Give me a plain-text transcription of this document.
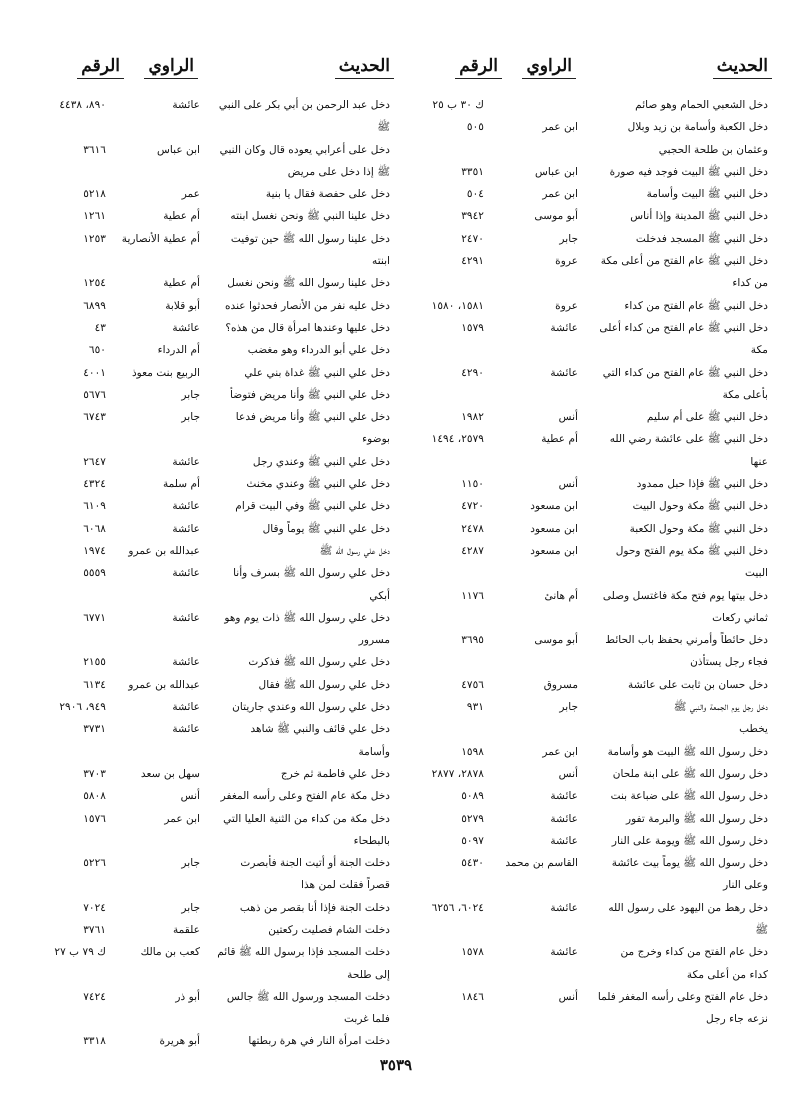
الحديث
الراوي
الرقم
دخل الشعبي الحمام وهو صائم
ك ٣٠ ب ٢٥
دخل الكعبة وأسامة بن زيد وبلال
ابن عمر
٥٠٥
وعثمان بن طلحة الحجبي
دخل النبي ﷺ البيت فوجد فيه صورة
ابن عباس
٣٣٥١
دخل النبي ﷺ البيت وأسامة
ابن عمر
٥٠٤
دخل النبي ﷺ المدينة وإذا أناس
أبو موسى
٣٩٤٢
دخل النبي ﷺ المسجد فدخلت
جابر
٢٤٧٠
دخل النبي ﷺ عام الفتح من أعلى مكة
عروة
٤٢٩١
من كداء
دخل النبي ﷺ عام الفتح من كداء
عروة
١٥٨١، ١٥٨٠
دخل النبي ﷺ عام الفتح من كداء أعلى
عائشة
١٥٧٩
مكة
دخل النبي ﷺ عام الفتح من كداء التي
عائشة
٤٢٩٠
بأعلى مكة
دخل النبي ﷺ على أم سليم
أنس
١٩٨٢
دخل النبي ﷺ على عائشة رضي الله
أم عطية
٢٥٧٩، ١٤٩٤
عنها
دخل النبي ﷺ فإذا حبل ممدود
أنس
١١٥٠
دخل النبي ﷺ مكة وحول البيت
ابن مسعود
٤٧٢٠
دخل النبي ﷺ مكة وحول الكعبة
ابن مسعود
٢٤٧٨
دخل النبي ﷺ مكة يوم الفتح وحول
ابن مسعود
٤٢٨٧
البيت
دخل بيتها يوم فتح مكة فاغتسل وصلى
أم هانئ
١١٧٦
ثماني ركعات
دخل حائطاً وأمرني بحفظ باب الحائط
أبو موسى
٣٦٩٥
فجاء رجل يستأذن
دخل حسان بن ثابت على عائشة
مسروق
٤٧٥٦
دخل رجل يوم الجمعة والنبي ﷺ
جابر
٩٣١
يخطب
دخل رسول الله ﷺ البيت هو وأسامة
ابن عمر
١٥٩٨
دخل رسول الله ﷺ على ابنة ملحان
أنس
٢٨٧٨، ٢٨٧٧
دخل رسول الله ﷺ على ضباعة بنت
عائشة
٥٠٨٩
دخل رسول الله ﷺ والبرمة تفور
عائشة
٥٢٧٩
دخل رسول الله ﷺ ويومة على النار
عائشة
٥٠٩٧
دخل رسول الله ﷺ يوماً بيت عائشة
القاسم بن محمد
٥٤٣٠
وعلى النار
دخل رهط من اليهود على رسول الله
عائشة
٦٠٢٤، ٦٢٥٦
ﷺ
دخل عام الفتح من كداء وخرج من
عائشة
١٥٧٨
كداء من أعلى مكة
دخل عام الفتح وعلى رأسه المغفر فلما
أنس
١٨٤٦
نزعه جاء رجل
الحديث
الراوي
الرقم
دخل عبد الرحمن بن أبي بكر على النبي
عائشة
٨٩٠، ٤٤٣٨
ﷺ
دخل على أعرابي يعوده قال وكان النبي
ابن عباس
٣٦١٦
ﷺ إذا دخل على مريض
دخل على حفصة فقال يا بنية
عمر
٥٢١٨
دخل علينا النبي ﷺ ونحن نغسل ابنته
أم عطية
١٢٦١
دخل علينا رسول الله ﷺ حين توفيت
أم عطية الأنصارية
١٢٥٣
ابنته
دخل علينا رسول الله ﷺ ونحن نغسل
أم عطية
١٢٥٤
دخل عليه نفر من الأنصار فحدثوا عنده
أبو قلابة
٦٨٩٩
دخل عليها وعندها امرأة قال من هذه؟
عائشة
٤٣
دخل علي أبو الدرداء وهو مغضب
أم الدرداء
٦٥٠
دخل علي النبي ﷺ غداة بني علي
الربيع بنت معوذ
٤٠٠١
دخل علي النبي ﷺ وأنا مريض فتوضأ
جابر
٥٦٧٦
دخل علي النبي ﷺ وأنا مريض فدعا
جابر
٦٧٤٣
بوضوء
دخل علي النبي ﷺ وعندي رجل
عائشة
٢٦٤٧
دخل علي النبي ﷺ وعندي مخنث
أم سلمة
٤٣٢٤
دخل علي النبي ﷺ وفي البيت قرام
عائشة
٦١٠٩
دخل علي النبي ﷺ يوماً وقال
عائشة
٦٠٦٨
دخل علي رسول الله ﷺ
عبدالله بن عمرو
١٩٧٤
دخل علي رسول الله ﷺ بسرف وأنا
عائشة
٥٥٥٩
أبكي
دخل علي رسول الله ﷺ ذات يوم وهو
عائشة
٦٧٧١
مسرور
دخل علي رسول الله ﷺ فذكرت
عائشة
٢١٥٥
دخل علي رسول الله ﷺ فقال
عبدالله بن عمرو
٦١٣٤
دخل علي رسول الله وعندي جاريتان
عائشة
٩٤٩، ٢٩٠٦
دخل علي قائف والنبي ﷺ شاهد
عائشة
٣٧٣١
وأسامة
دخل علي فاطمة ثم خرج
سهل بن سعد
٣٧٠٣
دخل مكة عام الفتح وعلى رأسه المغفر
أنس
٥٨٠٨
دخل مكة من كداء من الثنية العليا التي
ابن عمر
١٥٧٦
بالبطحاء
دخلت الجنة أو أتيت الجنة فأبصرت
جابر
٥٢٢٦
قصراً فقلت لمن هذا
دخلت الجنة فإذا أنا بقصر من ذهب
جابر
٧٠٢٤
دخلت الشام فصليت ركعتين
علقمة
٣٧٦١
دخلت المسجد فإذا برسول الله ﷺ قائم
كعب بن مالك
ك ٧٩ ب ٢٧
إلى طلحة
دخلت المسجد ورسول الله ﷺ جالس
أبو ذر
٧٤٢٤
فلما غربت
دخلت امرأة النار في هرة ربطتها
أبو هريرة
٣٣١٨
٣٥٣٩
